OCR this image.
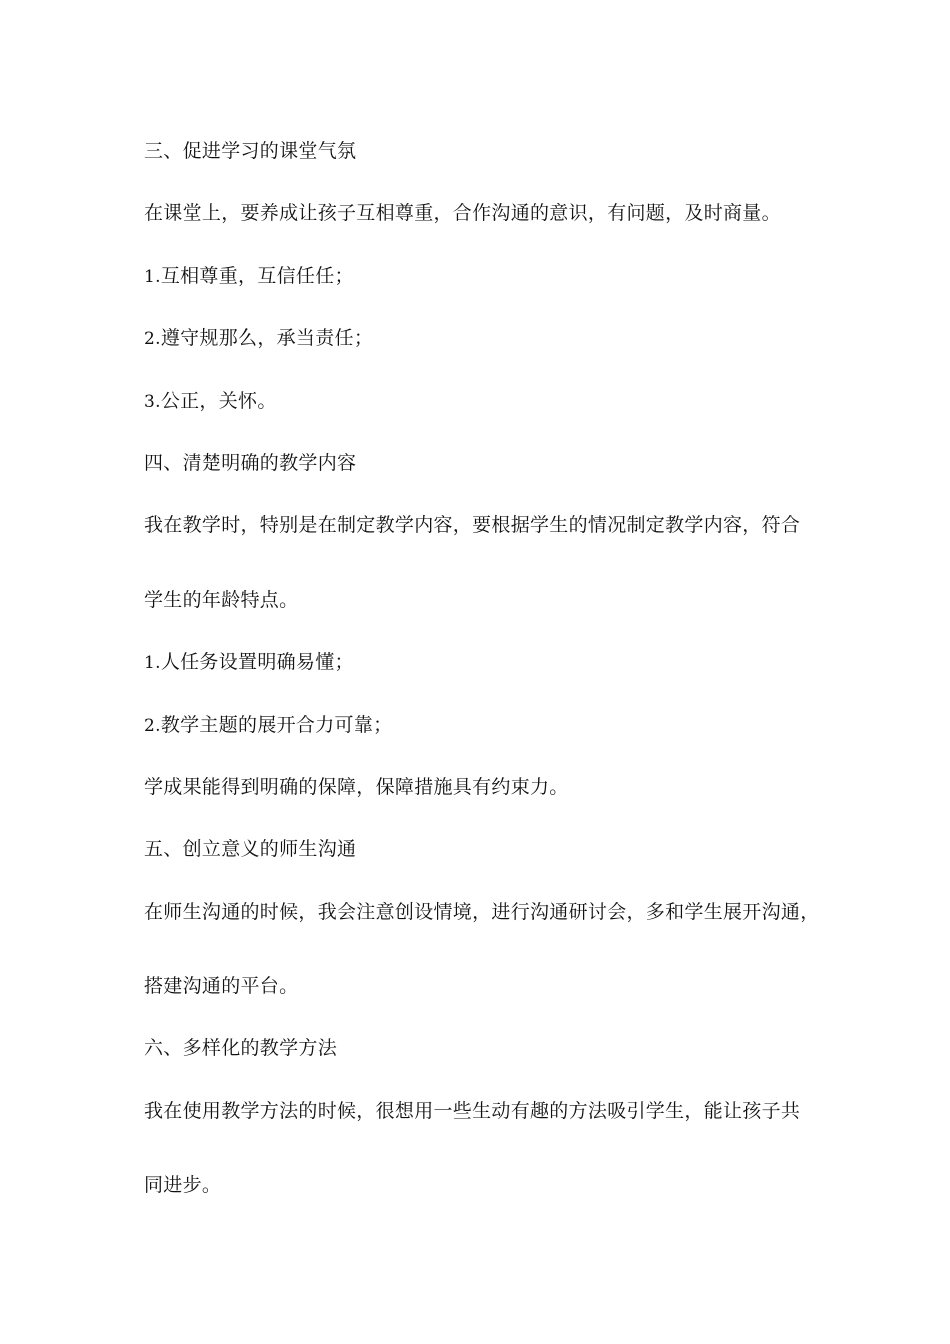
三、促进学习的课堂气氛
在课堂上，要养成让孩子互相尊重，合作沟通的意识，有问题，及时商量。
1.互相尊重，互信任任；
2.遵守规那么，承当责任；
3.公正，关怀。
四、清楚明确的教学内容
我在教学时，特别是在制定教学内容，要根据学生的情况制定教学内容，符合
学生的年龄特点。
1.人任务设置明确易懂；
2.教学主题的展开合力可靠；
学成果能得到明确的保障，保障措施具有约束力。
五、创立意义的师生沟通
在师生沟通的时候，我会注意创设情境，进行沟通研讨会，多和学生展开沟通，
搭建沟通的平台。
六、多样化的教学方法
我在使用教学方法的时候，很想用一些生动有趣的方法吸引学生，能让孩子共
同进步。
